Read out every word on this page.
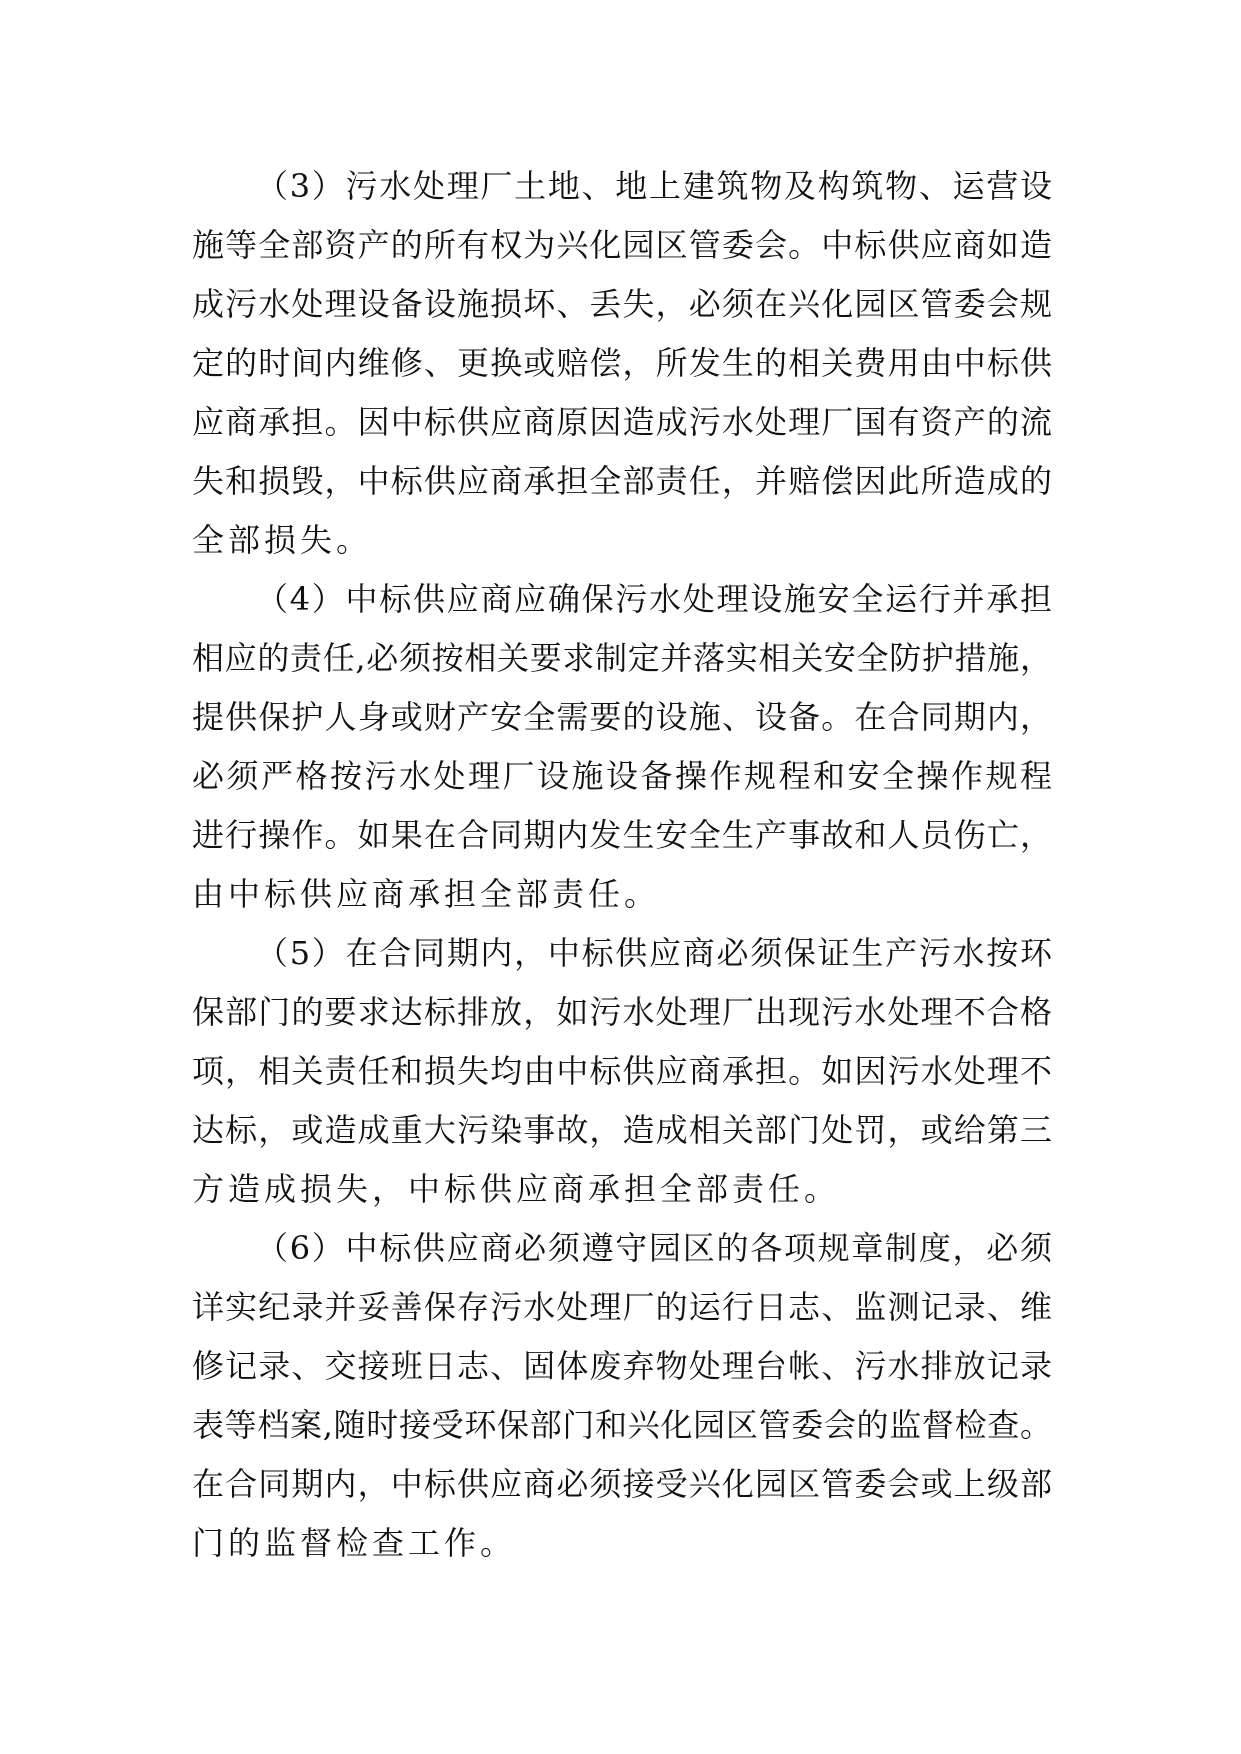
（3）污水处理厂土地、地上建筑物及构筑物、运营设
施等全部资产的所有权为兴化园区管委会。中标供应商如造
成污水处理设备设施损坏、丢失，必须在兴化园区管委会规
定的时间内维修、更换或赔偿，所发生的相关费用由中标供
应商承担。因中标供应商原因造成污水处理厂国有资产的流
失和损毁，中标供应商承担全部责任，并赔偿因此所造成的
全部损失。
（4）中标供应商应确保污水处理设施安全运行并承担
相应的责任,必须按相关要求制定并落实相关安全防护措施，
提供保护人身或财产安全需要的设施、设备。在合同期内，
必须严格按污水处理厂设施设备操作规程和安全操作规程
进行操作。如果在合同期内发生安全生产事故和人员伤亡，
由中标供应商承担全部责任。
（5）在合同期内，中标供应商必须保证生产污水按环
保部门的要求达标排放，如污水处理厂出现污水处理不合格
项，相关责任和损失均由中标供应商承担。如因污水处理不
达标，或造成重大污染事故，造成相关部门处罚，或给第三
方造成损失，中标供应商承担全部责任。
（6）中标供应商必须遵守园区的各项规章制度，必须
详实纪录并妥善保存污水处理厂的运行日志、监测记录、维
修记录、交接班日志、固体废弃物处理台帐、污水排放记录
表等档案,随时接受环保部门和兴化园区管委会的监督检查。
在合同期内，中标供应商必须接受兴化园区管委会或上级部
门的监督检查工作。
